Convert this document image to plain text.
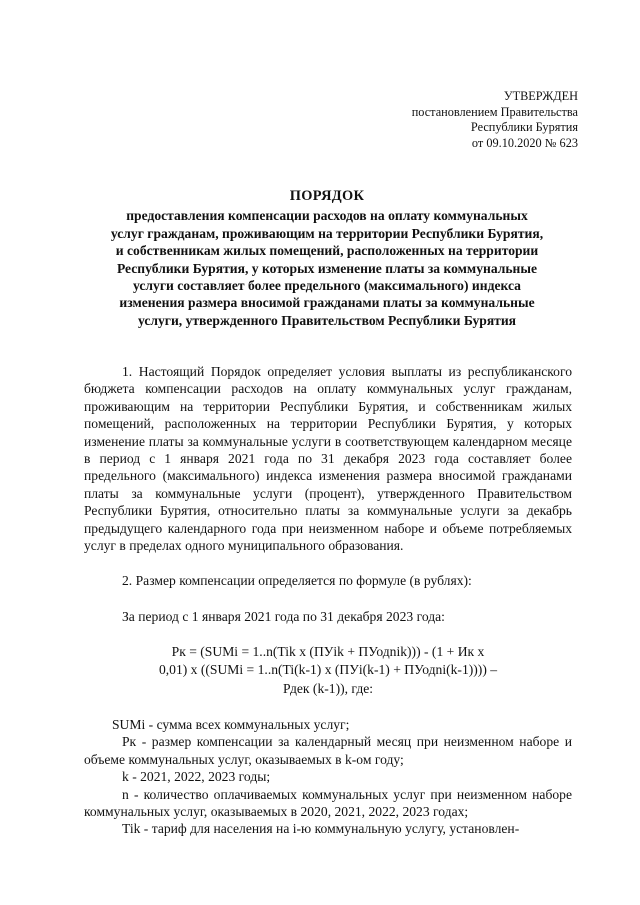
УТВЕРЖДЕН
постановлением Правительства
Республики Бурятия
от 09.10.2020 № 623
ПОРЯДОК
предоставления компенсации расходов на оплату коммунальных
услуг гражданам, проживающим на территории Республики Бурятия,
и собственникам жилых помещений, расположенных на территории
Республики Бурятия, у которых изменение платы за коммунальные
услуги составляет более предельного (максимального) индекса
изменения размера вносимой гражданами платы за коммунальные
услуги, утвержденного Правительством Республики Бурятия

1. Настоящий Порядок определяет условия выплаты из республиканского бюджета компенсации расходов на оплату коммунальных услуг гражданам, проживающим на территории Республики Бурятия, и собственникам жилых помещений, расположенных на территории Республики Бурятия, у которых изменение платы за коммунальные услуги в соответствующем календарном месяце в период с 1 января 2021 года по 31 декабря 2023 года составляет более предельного (максимального) индекса изменения размера вносимой гражданами платы за коммунальные услуги (процент), утвержденного Правительством Республики Бурятия, относительно платы за коммунальные услуги за декабрь предыдущего календарного года при неизменном наборе и объеме потребляемых услуг в пределах одного муниципального образования.

2. Размер компенсации определяется по формуле (в рублях):

За период с 1 января 2021 года по 31 декабря 2023 года:
Рк = (SUMi = 1..n(Tik x (ПУik + ПУодnik))) - (1 + Ик x
0,01) x ((SUMi = 1..n(Ti(k-1) x (ПУi(k-1) + ПУодni(k-1)))) –
Рдек (k-1)), где:

SUMi - сумма всех коммунальных услуг;

Рк - размер компенсации за календарный месяц при неизменном наборе и объеме коммунальных услуг, оказываемых в k-ом году;

k - 2021, 2022, 2023 годы;

n - количество оплачиваемых коммунальных услуг при неизменном наборе коммунальных услуг, оказываемых в 2020, 2021, 2022, 2023 годах;

Tik - тариф для населения на i-ю коммунальную услугу, установлен-
